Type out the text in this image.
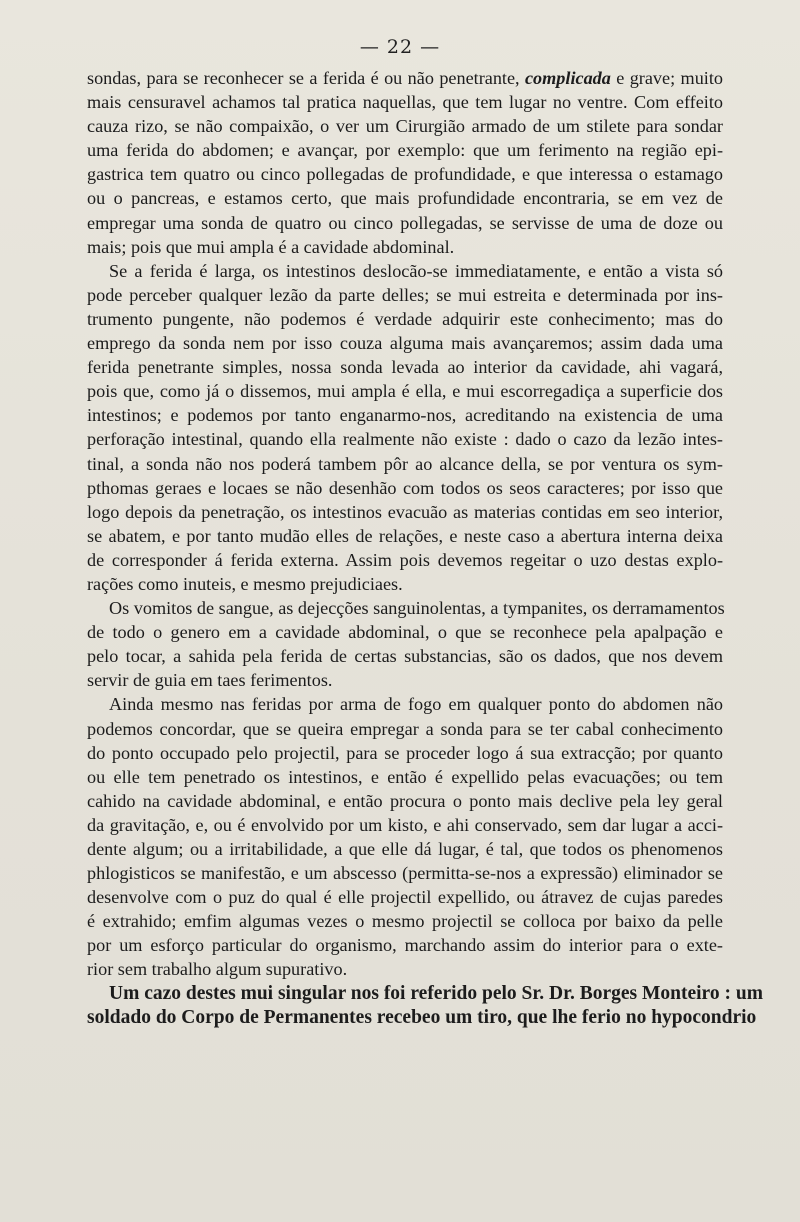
— 22 —
sondas, para se reconhecer se a ferida é ou não penetrante, complicada e grave; muito
mais censuravel achamos tal pratica naquellas, que tem lugar no ventre. Com effeito
cauza rizo, se não compaixão, o ver um Cirurgião armado de um stilete para sondar
uma ferida do abdomen; e avançar, por exemplo: que um ferimento na região epi-
gastrica tem quatro ou cinco pollegadas de profundidade, e que interessa o estamago
ou o pancreas, e estamos certo, que mais profundidade encontraria, se em vez de
empregar uma sonda de quatro ou cinco pollegadas, se servisse de uma de doze ou
mais; pois que mui ampla é a cavidade abdominal.
Se a ferida é larga, os intestinos deslocão-se immediatamente, e então a vista só
pode perceber qualquer lezão da parte delles; se mui estreita e determinada por ins-
trumento pungente, não podemos é verdade adquirir este conhecimento; mas do
emprego da sonda nem por isso couza alguma mais avançaremos; assim dada uma
ferida penetrante simples, nossa sonda levada ao interior da cavidade, ahi vagará,
pois que, como já o dissemos, mui ampla é ella, e mui escorregadiça a superficie dos
intestinos; e podemos por tanto enganarmo-nos, acreditando na existencia de uma
perforação intestinal, quando ella realmente não existe : dado o cazo da lezão intes-
tinal, a sonda não nos poderá tambem pôr ao alcance della, se por ventura os sym-
pthomas geraes e locaes se não desenhão com todos os seos caracteres; por isso que
logo depois da penetração, os intestinos evacuão as materias contidas em seo interior,
se abatem, e por tanto mudão elles de relações, e neste caso a abertura interna deixa
de corresponder á ferida externa. Assim pois devemos regeitar o uzo destas explo-
rações como inuteis, e mesmo prejudiciaes.
Os vomitos de sangue, as dejecções sanguinolentas, a tympanites, os derramamentos
de todo o genero em a cavidade abdominal, o que se reconhece pela apalpação e
pelo tocar, a sahida pela ferida de certas substancias, são os dados, que nos devem
servir de guia em taes ferimentos.
Ainda mesmo nas feridas por arma de fogo em qualquer ponto do abdomen não
podemos concordar, que se queira empregar a sonda para se ter cabal conhecimento
do ponto occupado pelo projectil, para se proceder logo á sua extracção; por quanto
ou elle tem penetrado os intestinos, e então é expellido pelas evacuações; ou tem
cahido na cavidade abdominal, e então procura o ponto mais declive pela ley geral
da gravitação, e, ou é envolvido por um kisto, e ahi conservado, sem dar lugar a acci-
dente algum; ou a irritabilidade, a que elle dá lugar, é tal, que todos os phenomenos
phlogisticos se manifestão, e um abscesso (permitta-se-nos a expressão) eliminador se
desenvolve com o puz do qual é elle projectil expellido, ou átravez de cujas paredes
é extrahido; emfim algumas vezes o mesmo projectil se colloca por baixo da pelle
por um esforço particular do organismo, marchando assim do interior para o exte-
rior sem trabalho algum supurativo.
Um cazo destes mui singular nos foi referido pelo Sr. Dr. Borges Monteiro : um
soldado do Corpo de Permanentes recebeo um tiro, que lhe ferio no hypocondrio
